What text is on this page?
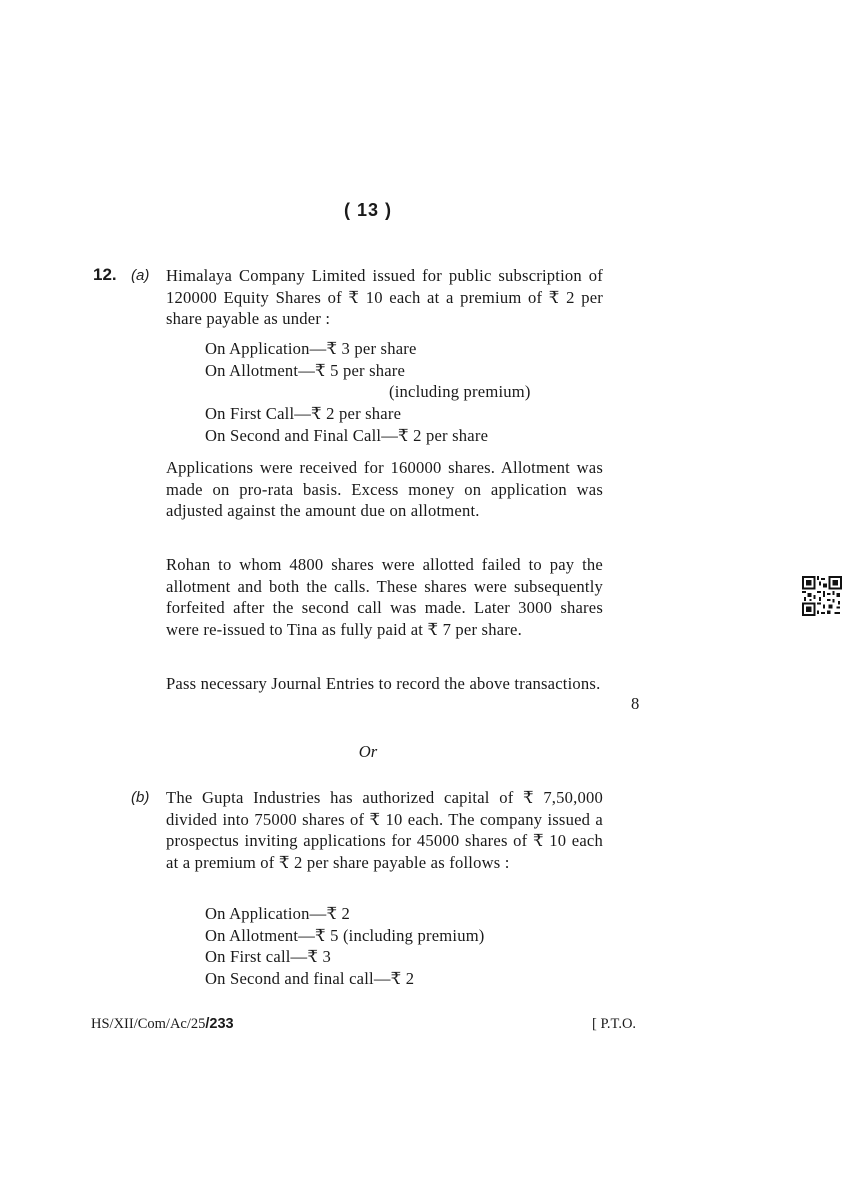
( 13 )
12. (a) Himalaya Company Limited issued for public subscription of 120000 Equity Shares of ₹ 10 each at a premium of ₹ 2 per share payable as under :

On Application—₹ 3 per share
On Allotment—₹ 5 per share
(including premium)
On First Call—₹ 2 per share
On Second and Final Call—₹ 2 per share

Applications were received for 160000 shares. Allotment was made on pro-rata basis. Excess money on application was adjusted against the amount due on allotment.

Rohan to whom 4800 shares were allotted failed to pay the allotment and both the calls. These shares were subsequently forfeited after the second call was made. Later 3000 shares were re-issued to Tina as fully paid at ₹ 7 per share.

Pass necessary Journal Entries to record the above transactions.

8
Or
(b) The Gupta Industries has authorized capital of ₹ 7,50,000 divided into 75000 shares of ₹ 10 each. The company issued a prospectus inviting applications for 45000 shares of ₹ 10 each at a premium of ₹ 2 per share payable as follows :

On Application—₹ 2
On Allotment—₹ 5 (including premium)
On First call—₹ 3
On Second and final call—₹ 2
HS/XII/Com/Ac/25/233	[ P.T.O.
